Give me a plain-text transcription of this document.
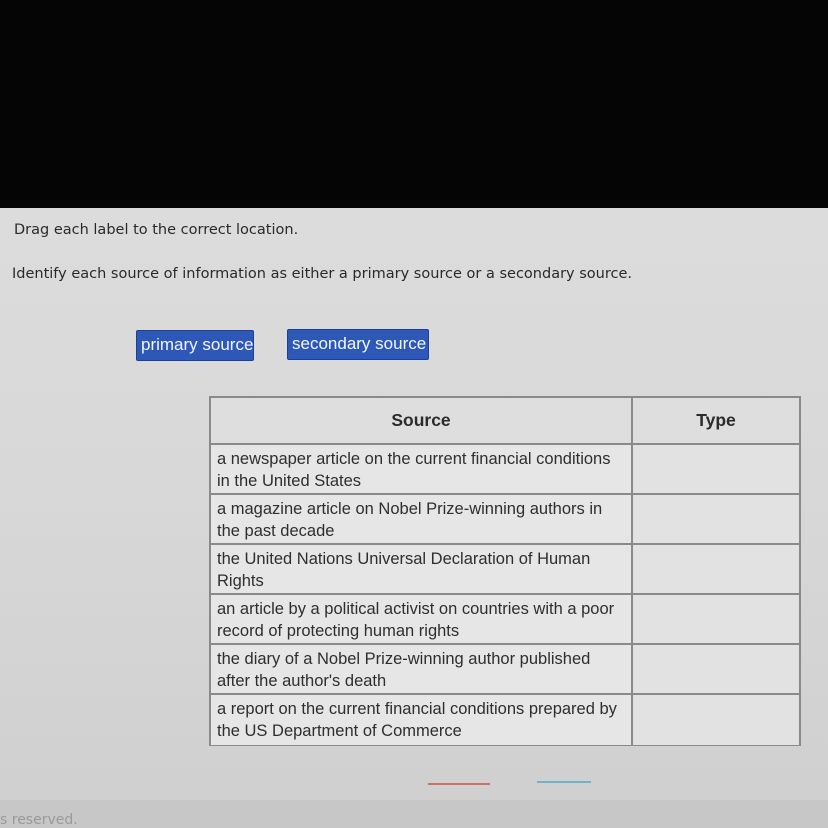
Drag each label to the correct location.
Identify each source of information as either a primary source or a secondary source.
primary source secondary source
Source	Type
a newspaper article on the current financial conditions in the United States
a magazine article on Nobel Prize-winning authors in the past decade
the United Nations Universal Declaration of Human Rights
an article by a political activist on countries with a poor record of protecting human rights
the diary of a Nobel Prize-winning author published after the author's death
a report on the current financial conditions prepared by the US Department of Commerce
s reserved.
